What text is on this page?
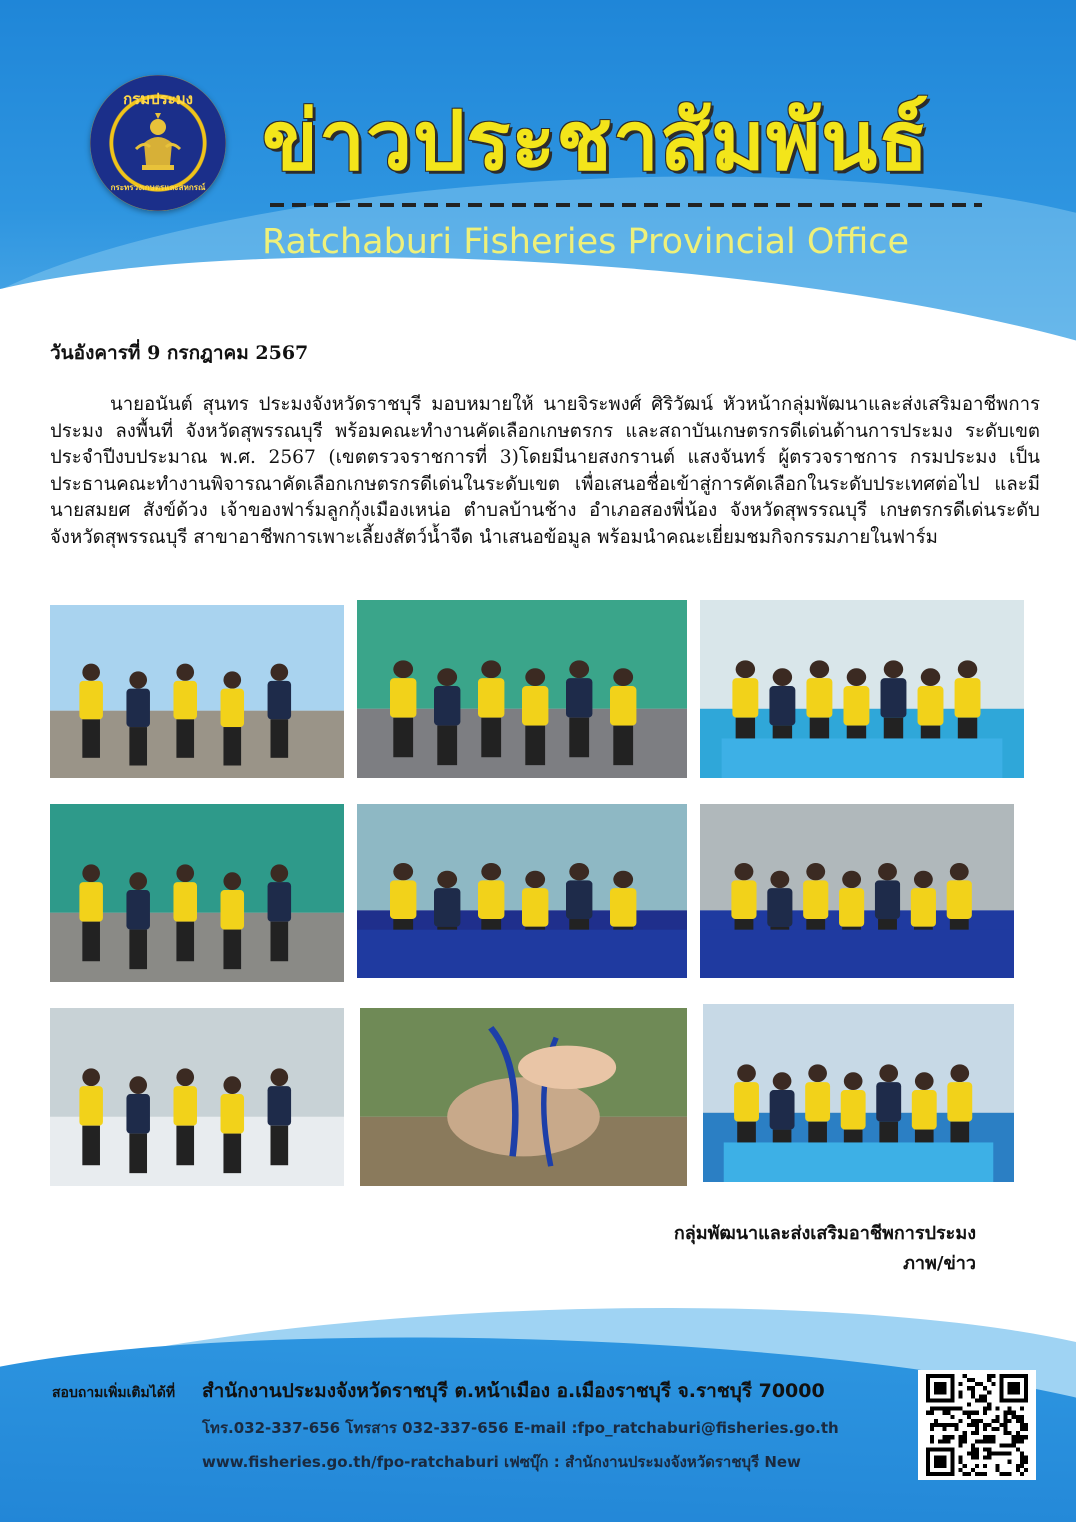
กรมประมง
กระทรวงเกษตรและสหกรณ์ ข่าวประชาสัมพันธ์
Ratchaburi Fisheries Provincial Office
วันอังคารที่ 9 กรกฎาคม 2567
นายอนันต์ สุนทร ประมงจังหวัดราชบุรี มอบหมายให้ นายจิระพงศ์ ศิริวัฒน์ หัวหน้ากลุ่มพัฒนาและส่งเสริมอาชีพการประมง ลงพื้นที่ จังหวัดสุพรรณบุรี พร้อมคณะทำงานคัดเลือกเกษตรกร และสถาบันเกษตรกรดีเด่นด้านการประมง ระดับเขตประจำปีงบประมาณ พ.ศ. 2567 (เขตตรวจราชการที่ 3)โดยมีนายสงกรานต์ แสงจันทร์ ผู้ตรวจราชการ กรมประมง เป็นประธานคณะทำงานพิจารณาคัดเลือกเกษตรกรดีเด่นในระดับเขต เพื่อเสนอชื่อเข้าสู่การคัดเลือกในระดับประเทศต่อไป และมี นายสมยศ สังข์ด้วง เจ้าของฟาร์มลูกกุ้งเมืองเหน่อ ตำบลบ้านช้าง อำเภอสองพี่น้อง จังหวัดสุพรรณบุรี เกษตรกรดีเด่นระดับจังหวัดสุพรรณบุรี สาขาอาชีพการเพาะเลี้ยงสัตว์น้ำจืด นำเสนอข้อมูล พร้อมนำคณะเยี่ยมชมกิจกรรมภายในฟาร์ม
กลุ่มพัฒนาและส่งเสริมอาชีพการประมง
ภาพ/ข่าว
สอบถามเพิ่มเติมได้ที่ สำนักงานประมงจังหวัดราชบุรี ต.หน้าเมือง อ.เมืองราชบุรี จ.ราชบุรี 70000
โทร.032-337-656 โทรสาร 032-337-656 E-mail :fpo_ratchaburi@fisheries.go.th
www.fisheries.go.th/fpo-ratchaburi เฟซบุ๊ก : สำนักงานประมงจังหวัดราชบุรี New
